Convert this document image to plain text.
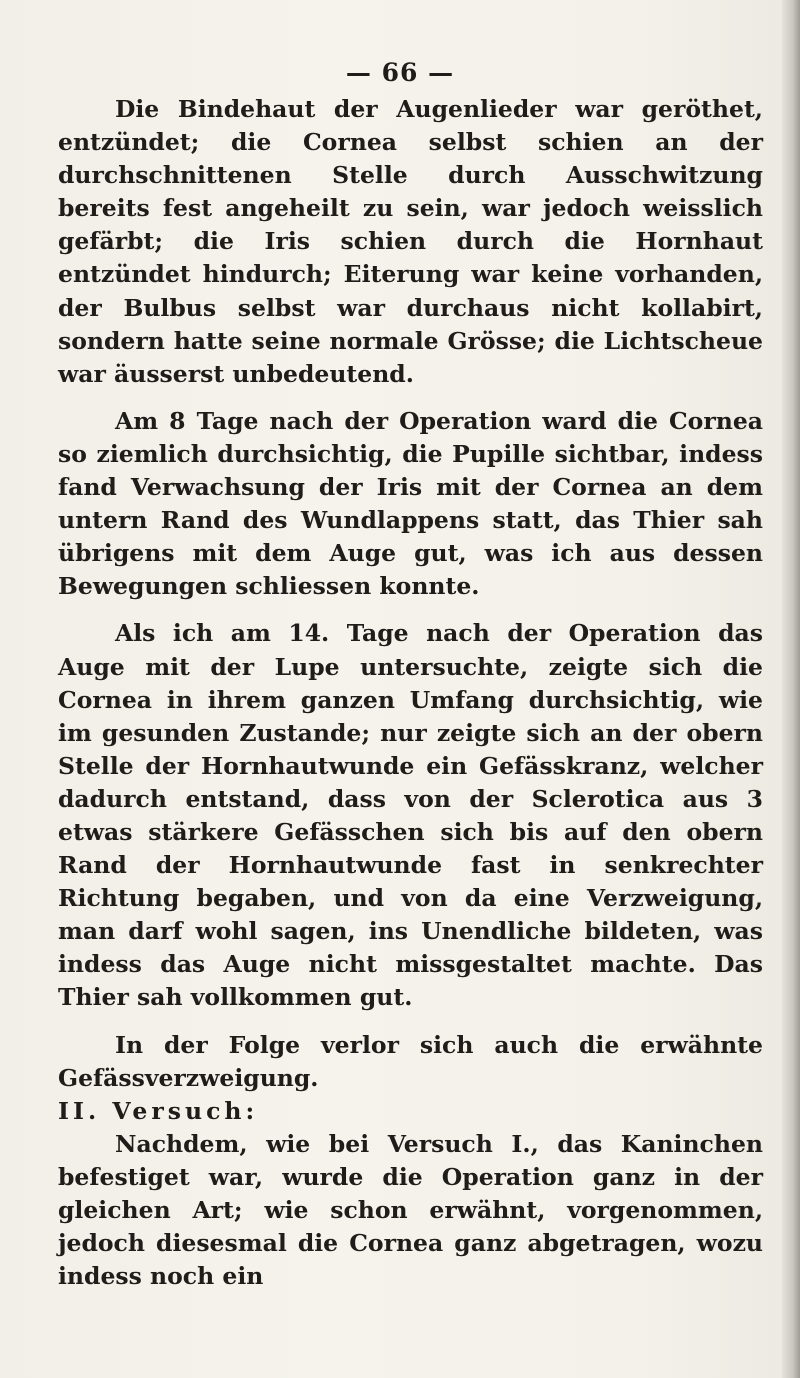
— 66 —

Die Bindehaut der Augenlieder war geröthet, entzündet; die Cornea selbst schien an der durchschnittenen Stelle durch Ausschwitzung bereits fest angeheilt zu sein, war jedoch weisslich gefärbt; die Iris schien durch die Hornhaut entzündet hindurch; Eiterung war keine vorhanden, der Bulbus selbst war durchaus nicht kollabirt, sondern hatte seine normale Grösse; die Lichtscheue war äusserst unbedeutend.

Am 8 Tage nach der Operation ward die Cornea so ziemlich durchsichtig, die Pupille sichtbar, indess fand Verwachsung der Iris mit der Cornea an dem untern Rand des Wundlappens statt, das Thier sah übrigens mit dem Auge gut, was ich aus dessen Bewegungen schliessen konnte.

Als ich am 14. Tage nach der Operation das Auge mit der Lupe untersuchte, zeigte sich die Cornea in ihrem ganzen Umfang durchsichtig, wie im gesunden Zustande; nur zeigte sich an der obern Stelle der Hornhautwunde ein Gefässkranz, welcher dadurch entstand, dass von der Sclerotica aus 3 etwas stärkere Gefässchen sich bis auf den obern Rand der Hornhautwunde fast in senkrechter Richtung begaben, und von da eine Verzweigung, man darf wohl sagen, ins Unendliche bildeten, was indess das Auge nicht missgestaltet machte. Das Thier sah vollkommen gut.

In der Folge verlor sich auch die erwähnte Gefässverzweigung.

II. Versuch:

Nachdem, wie bei Versuch I., das Kaninchen befestiget war, wurde die Operation ganz in der gleichen Art; wie schon erwähnt, vorgenommen, jedoch diesesmal die Cornea ganz abgetragen, wozu indess noch ein
